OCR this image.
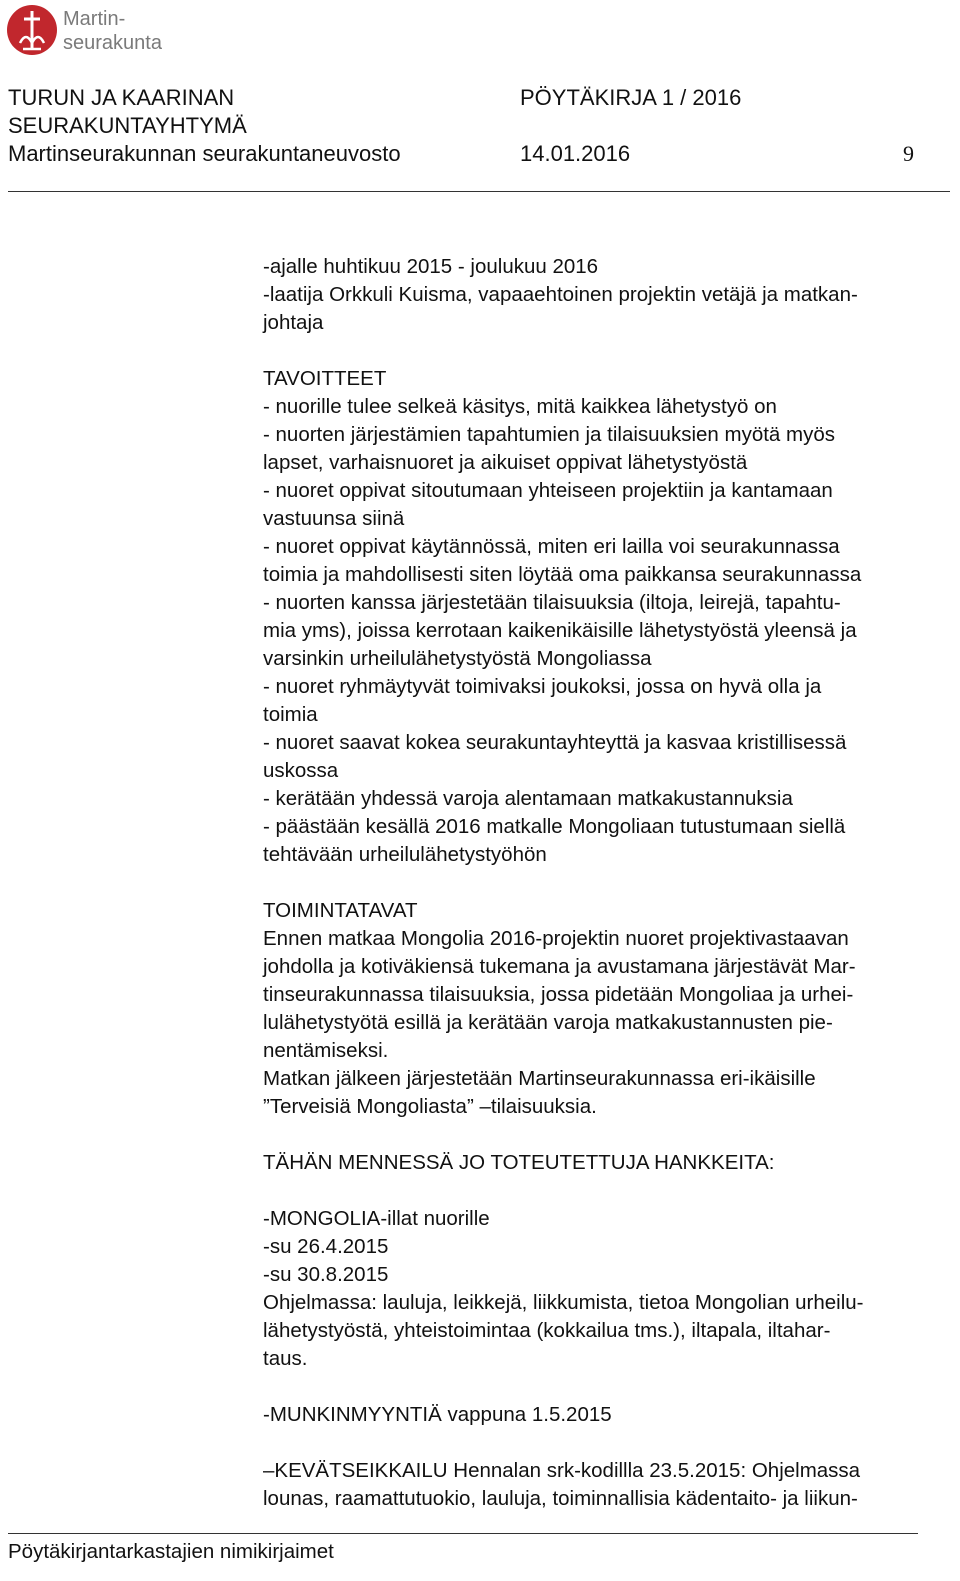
Martin-
seurakunta
TURUN JA KAARINAN
SEURAKUNTAYHTYMÄ
Martinseurakunnan seurakuntaneuvosto
PÖYTÄKIRJA 1 / 2016
14.01.2016	9
-ajalle huhtikuu 2015 - joulukuu 2016
-laatija Orkkuli Kuisma, vapaaehtoinen projektin vetäjä ja matkan-
johtaja
TAVOITTEET
- nuorille tulee selkeä käsitys, mitä kaikkea lähetystyö on
- nuorten järjestämien tapahtumien ja tilaisuuksien myötä myös
lapset, varhaisnuoret ja aikuiset oppivat lähetystyöstä
- nuoret oppivat sitoutumaan yhteiseen projektiin ja kantamaan
vastuunsa siinä
- nuoret oppivat käytännössä, miten eri lailla voi seurakunnassa
toimia ja mahdollisesti siten löytää oma paikkansa seurakunnassa
- nuorten kanssa järjestetään tilaisuuksia (iltoja, leirejä, tapahtu-
mia yms), joissa kerrotaan kaikenikäisille lähetystyöstä yleensä ja
varsinkin urheilulähetystyöstä Mongoliassa
- nuoret ryhmäytyvät toimivaksi joukoksi, jossa on hyvä olla ja
toimia
- nuoret saavat kokea seurakuntayhteyttä ja kasvaa kristillisessä
uskossa
- kerätään yhdessä varoja alentamaan matkakustannuksia
- päästään kesällä 2016 matkalle Mongoliaan tutustumaan siellä
tehtävään urheilulähetystyöhön
TOIMINTATAVAT
Ennen matkaa Mongolia 2016-projektin nuoret projektivastaavan
johdolla ja kotiväkiensä tukemana ja avustamana järjestävät Mar-
tinseurakunnassa tilaisuuksia, jossa pidetään Mongoliaa ja urhei-
lulähetystyötä esillä ja kerätään varoja matkakustannusten pie-
nentämiseksi.
Matkan jälkeen järjestetään Martinseurakunnassa eri-ikäisille
”Terveisiä Mongoliasta” –tilaisuuksia.
TÄHÄN MENNESSÄ JO TOTEUTETTUJA HANKKEITA:
-MONGOLIA-illat nuorille
-su 26.4.2015
-su 30.8.2015
Ohjelmassa: lauluja, leikkejä, liikkumista, tietoa Mongolian urheilu-
lähetystyöstä, yhteistoimintaa (kokkailua tms.), iltapala, iltahar-
taus.
-MUNKINMYYNTIÄ vappuna 1.5.2015
–KEVÄTSEIKKAILU Hennalan srk-kodillla 23.5.2015: Ohjelmassa
lounas, raamattutuokio, lauluja, toiminnallisia kädentaito- ja liikun-
Pöytäkirjantarkastajien nimikirjaimet
